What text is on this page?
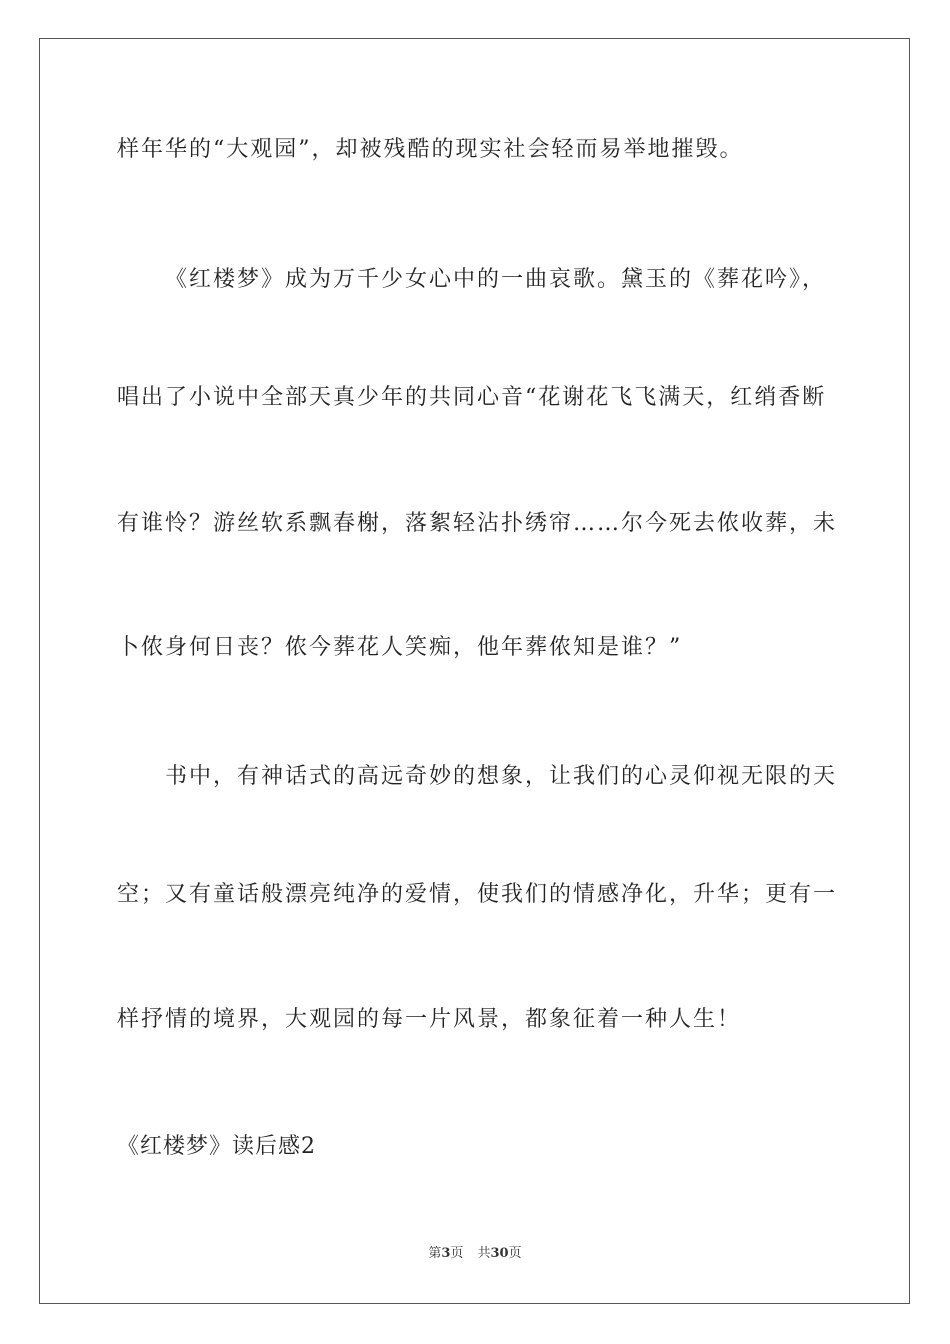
样年华的“大观园”，却被残酷的现实社会轻而易举地摧毁。
《红楼梦》成为万千少女心中的一曲哀歌。黛玉的《葬花吟》，
唱出了小说中全部天真少年的共同心音“花谢花飞飞满天，红绡香断
有谁怜？游丝软系飘春榭，落絮轻沾扑绣帘……尔今死去侬收葬，未
卜侬身何日丧？侬今葬花人笑痴，他年葬侬知是谁？”
书中，有神话式的高远奇妙的想象，让我们的心灵仰视无限的天
空；又有童话般漂亮纯净的爱情，使我们的情感净化，升华；更有一
样抒情的境界，大观园的每一片风景，都象征着一种人生！
《红楼梦》读后感2
第3页 共30页
